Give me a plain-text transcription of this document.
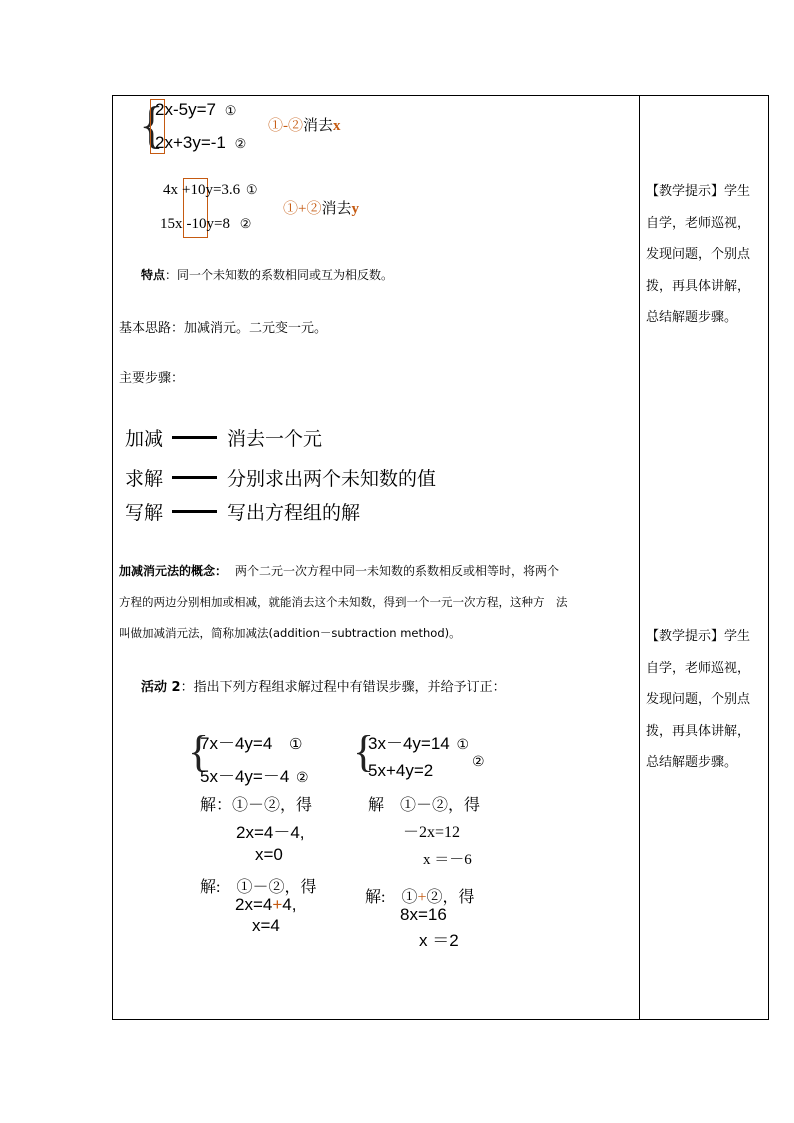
{
2x-5y=7 ①
2x+3y=-1 ②
①-②消去x
4x +10y=3.6 ①
15x -10y=8 ②
①+②消去y
特点：同一个未知数的系数相同或互为相反数。
基本思路：加减消元。二元变一元。
主要步骤：
加减	消去一个元
求解	分别求出两个未知数的值
写解	写出方程组的解
加减消元法的概念： 两个二元一次方程中同一未知数的系数相反或相等时，将两个
方程的两边分别相加或相减，就能消去这个未知数，得到一个一元一次方程，这种方　法
叫做加减消元法，简称加减法(addition－subtraction method)。
活动 2：指出下列方程组求解过程中有错误步骤，并给予订正：
{
7x－4y=4 ①
5x－4y=－4 ②
解：①－②，得
2x=4－4,
x=0
解:　①－②，得
2x=4+4,
x=4
{
3x－4y=14 ①
5x+4y=2	②
解　①－②，得
－2x=12
x ＝－6
解:　①+②，得
8x=16
x ＝2
【教学提示】学生
自学，老师巡视，
发现问题，个别点
拨，再具体讲解，
总结解题步骤。
【教学提示】学生
自学，老师巡视，
发现问题，个别点
拨，再具体讲解，
总结解题步骤。
